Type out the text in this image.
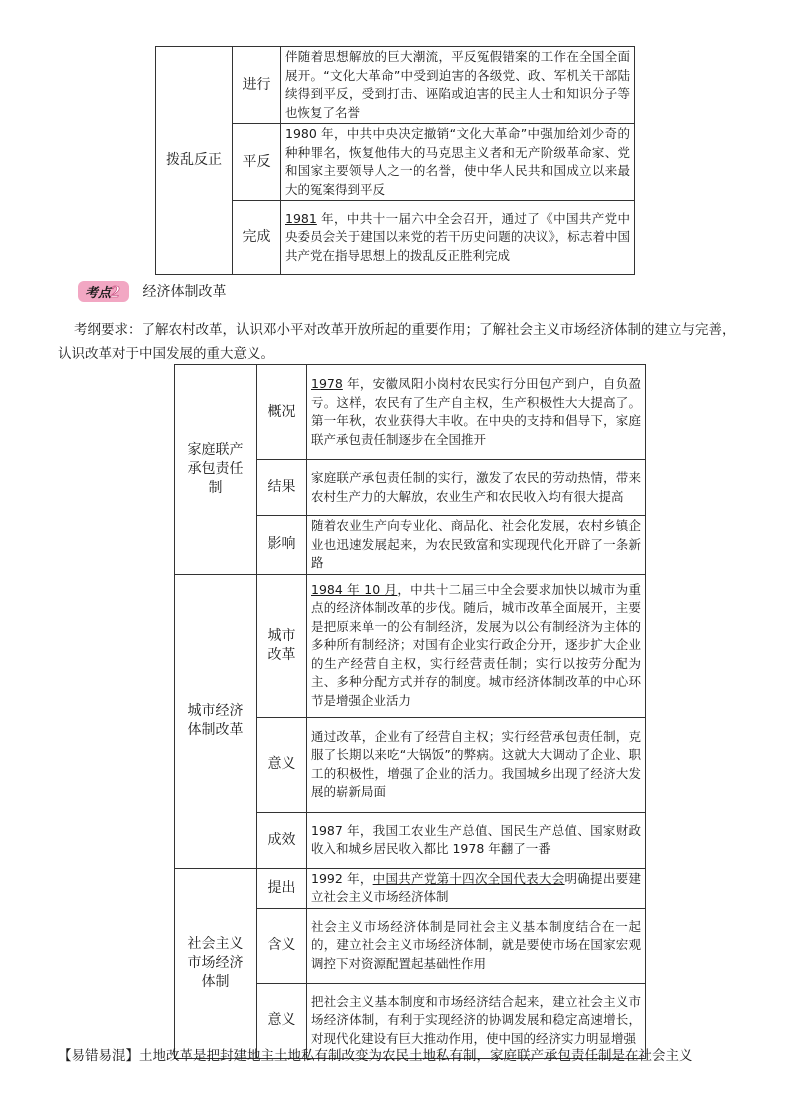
拨乱反正	进行	伴随着思想解放的巨大潮流，平反冤假错案的工作在全国全面展开。“文化大革命”中受到迫害的各级党、政、军机关干部陆续得到平反，受到打击、诬陷或迫害的民主人士和知识分子等也恢复了名誉
	平反	1980 年，中共中央决定撤销“文化大革命”中强加给刘少奇的种种罪名，恢复他伟大的马克思主义者和无产阶级革命家、党和国家主要领导人之一的名誉，使中华人民共和国成立以来最大的冤案得到平反
	完成	1981 年，中共十一届六中全会召开，通过了《中国共产党中央委员会关于建国以来党的若干历史问题的决议》，标志着中国共产党在指导思想上的拨乱反正胜利完成
考点2	经济体制改革
考纲要求：了解农村改革，认识邓小平对改革开放所起的重要作用；了解社会主义市场经济体制的建立与完善，认识改革对于中国发展的重大意义。
家庭联产承包责任制	概况	1978 年，安徽凤阳小岗村农民实行分田包产到户，自负盈亏。这样，农民有了生产自主权，生产积极性大大提高了。第一年秋，农业获得大丰收。在中央的支持和倡导下，家庭联产承包责任制逐步在全国推开
	结果	家庭联产承包责任制的实行，激发了农民的劳动热情，带来农村生产力的大解放，农业生产和农民收入均有很大提高
	影响	随着农业生产向专业化、商品化、社会化发展，农村乡镇企业也迅速发展起来，为农民致富和实现现代化开辟了一条新路

城市经济体制改革	城市改革	1984 年 10 月，中共十二届三中全会要求加快以城市为重点的经济体制改革的步伐。随后，城市改革全面展开，主要是把原来单一的公有制经济，发展为以公有制经济为主体的多种所有制经济；对国有企业实行政企分开，逐步扩大企业的生产经营自主权，实行经营责任制；实行以按劳分配为主、多种分配方式并存的制度。城市经济体制改革的中心环节是增强企业活力
	意义	通过改革，企业有了经营自主权；实行经营承包责任制，克服了长期以来吃“大锅饭”的弊病。这就大大调动了企业、职工的积极性，增强了企业的活力。我国城乡出现了经济大发展的崭新局面
	成效	1987 年，我国工农业生产总值、国民生产总值、国家财政收入和城乡居民收入都比 1978 年翻了一番

社会主义市场经济体制	提出	1992 年，中国共产党第十四次全国代表大会明确提出要建立社会主义市场经济体制
	含义	社会主义市场经济体制是同社会主义基本制度结合在一起的，建立社会主义市场经济体制，就是要使市场在国家宏观调控下对资源配置起基础性作用
	意义	把社会主义基本制度和市场经济结合起来，建立社会主义市场经济体制，有利于实现经济的协调发展和稳定高速增长，对现代化建设有巨大推动作用，使中国的经济实力明显增强
【易错易混】土地改革是把封建地主土地私有制改变为农民土地私有制，家庭联产承包责任制是在社会主义
